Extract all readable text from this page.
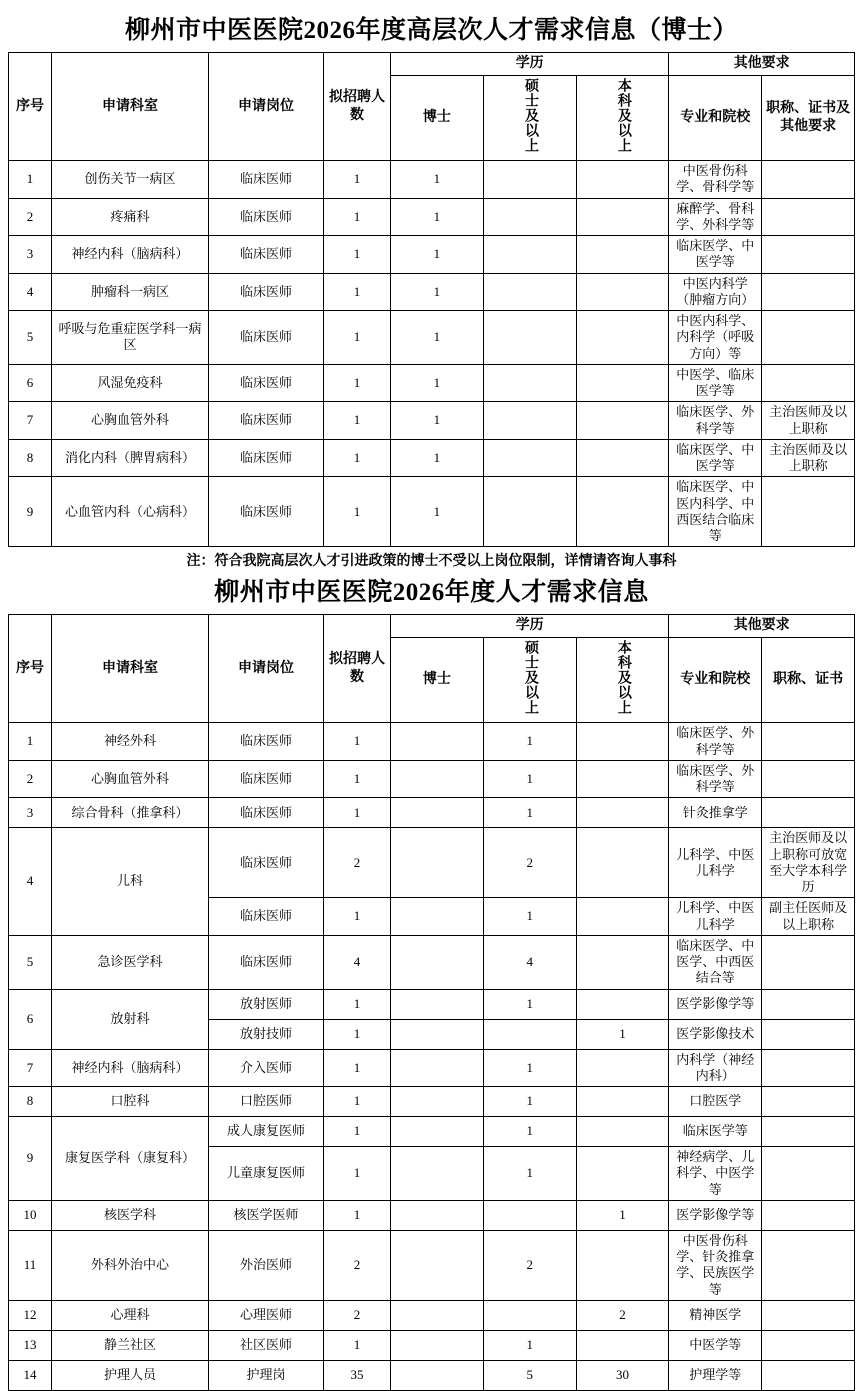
柳州市中医医院2026年度高层次人才需求信息（博士）
序号	申请科室	申请岗位	拟招聘人数	学历			其他要求	
				博士	硕士及以上	本科及以上	专业和院校	职称、证书及其他要求
1	创伤关节一病区	临床医师	1	1			中医骨伤科学、骨科学等	
2	疼痛科	临床医师	1	1			麻醉学、骨科学、外科学等	
3	神经内科（脑病科）	临床医师	1	1			临床医学、中医学等	
4	肿瘤科一病区	临床医师	1	1			中医内科学（肿瘤方向）	
5	呼吸与危重症医学科一病区	临床医师	1	1			中医内科学、内科学（呼吸方向）等	
6	风湿免疫科	临床医师	1	1			中医学、临床医学等	
7	心胸血管外科	临床医师	1	1			临床医学、外科学等	主治医师及以上职称
8	消化内科（脾胃病科）	临床医师	1	1			临床医学、中医学等	主治医师及以上职称
9	心血管内科（心病科）	临床医师	1	1			临床医学、中医内科学、中西医结合临床等	
注：符合我院高层次人才引进政策的博士不受以上岗位限制，详情请咨询人事科
柳州市中医医院2026年度人才需求信息
序号	申请科室	申请岗位	拟招聘人数	学历			其他要求	
				博士	硕士及以上	本科及以上	专业和院校	职称、证书
1	神经外科	临床医师	1		1		临床医学、外科学等	
2	心胸血管外科	临床医师	1		1		临床医学、外科学等	
3	综合骨科（推拿科）	临床医师	1		1		针灸推拿学	
4	儿科	临床医师	2		2		儿科学、中医儿科学	主治医师及以上职称可放宽至大学本科学历
		临床医师	1		1		儿科学、中医儿科学	副主任医师及以上职称
5	急诊医学科	临床医师	4		4		临床医学、中医学、中西医结合等	
6	放射科	放射医师	1		1		医学影像学等	
		放射技师	1			1	医学影像技术	
7	神经内科（脑病科）	介入医师	1		1		内科学（神经内科）	
8	口腔科	口腔医师	1		1		口腔医学	
9	康复医学科（康复科）	成人康复医师	1		1		临床医学等	
		儿童康复医师	1		1		神经病学、儿科学、中医学等	
10	核医学科	核医学医师	1			1	医学影像学等	
11	外科外治中心	外治医师	2		2		中医骨伤科学、针灸推拿学、民族医学等	
12	心理科	心理医师	2			2	精神医学	
13	静兰社区	社区医师	1		1		中医学等	
14	护理人员	护理岗	35		5	30	护理学等	
